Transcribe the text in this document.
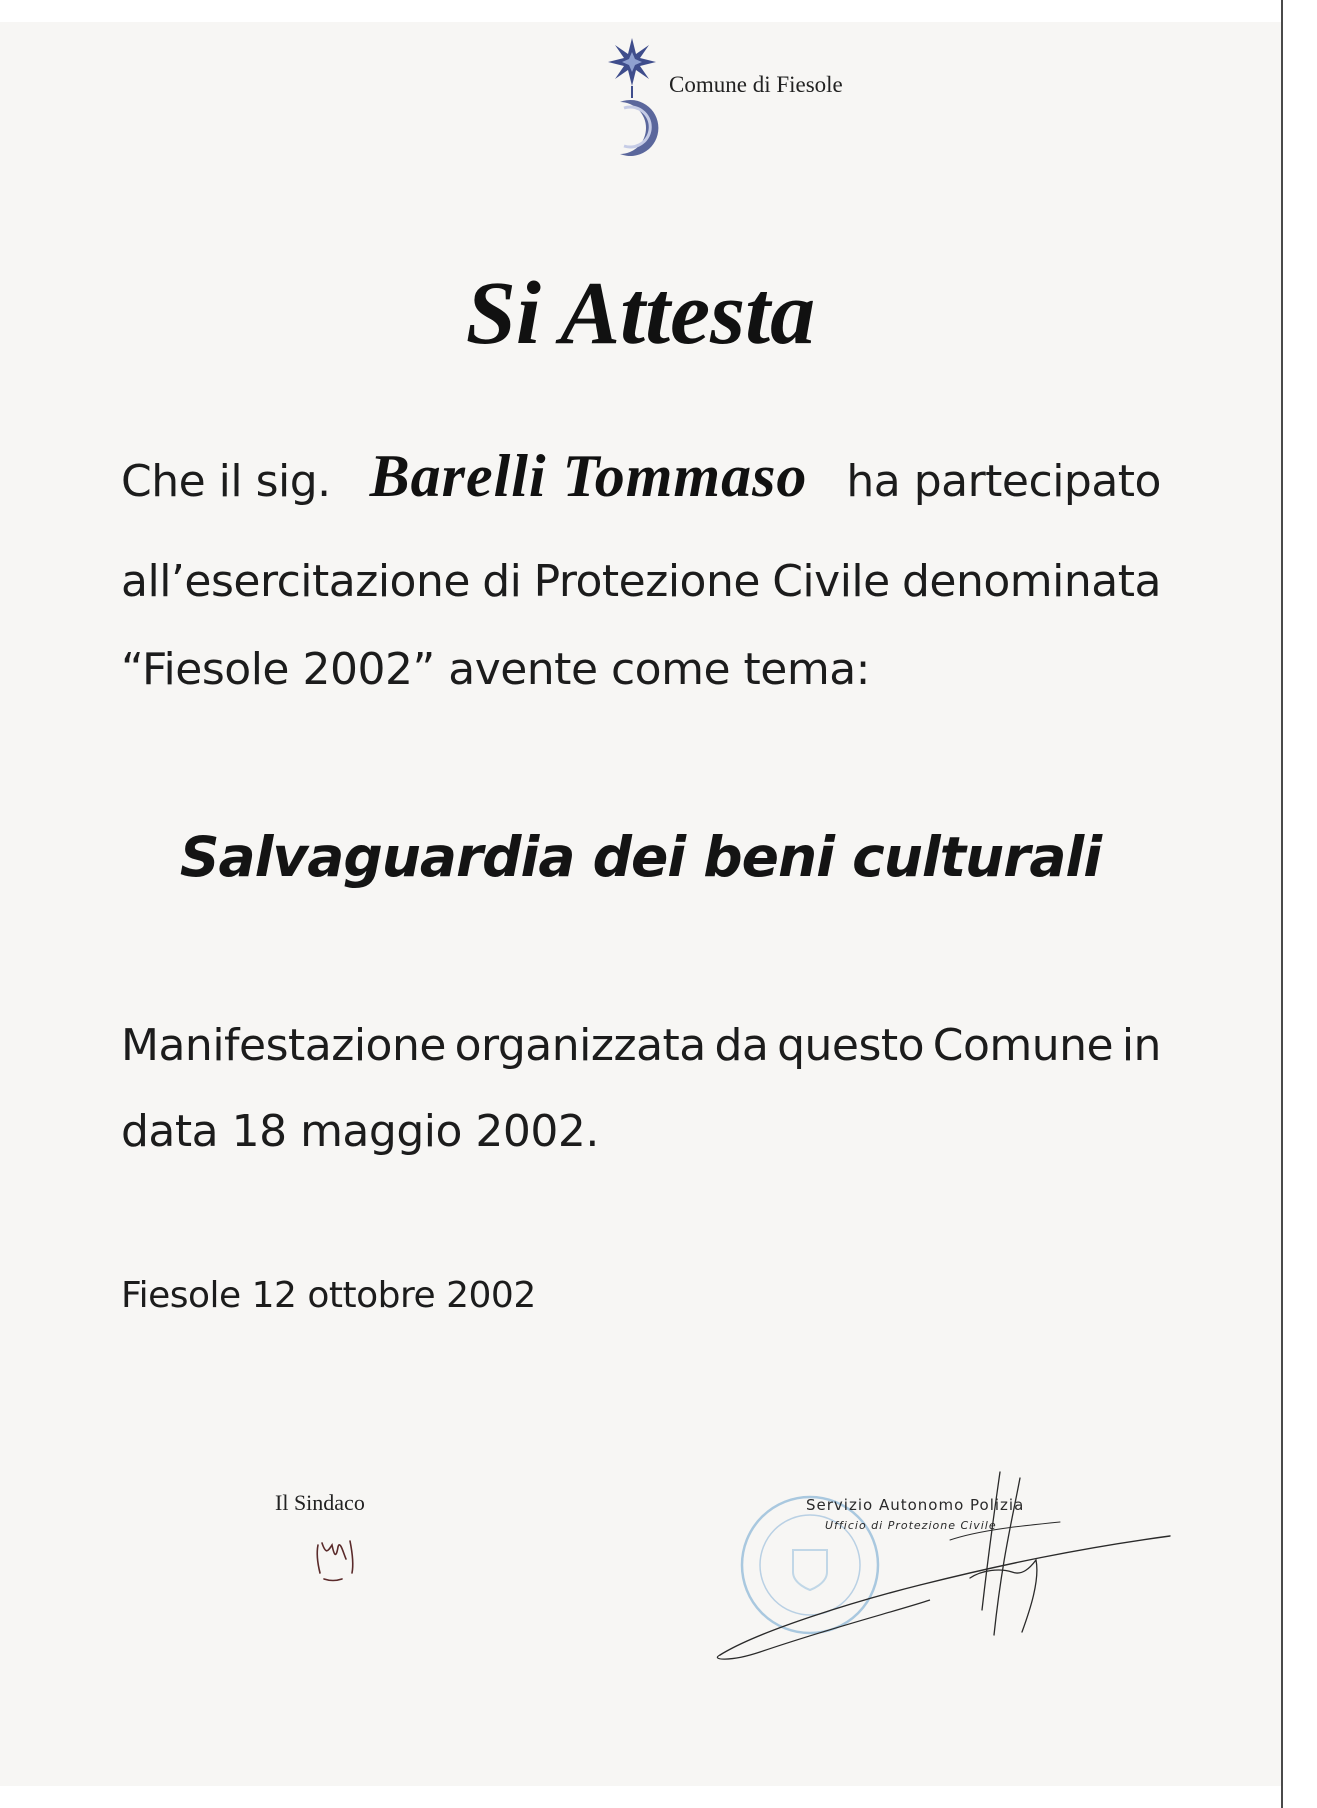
Comune di Fiesole
Si Attesta
Che il sig. Barelli Tommaso ha partecipato
all’esercitazione di Protezione Civile denominata
“Fiesole 2002” avente come tema:
Salvaguardia dei beni culturali
Manifestazione organizzata da questo Comune in
data 18 maggio 2002.
Fiesole 12 ottobre 2002
Il Sindaco	Servizio Autonomo Polizia
Ufficio di Protezione Civile
